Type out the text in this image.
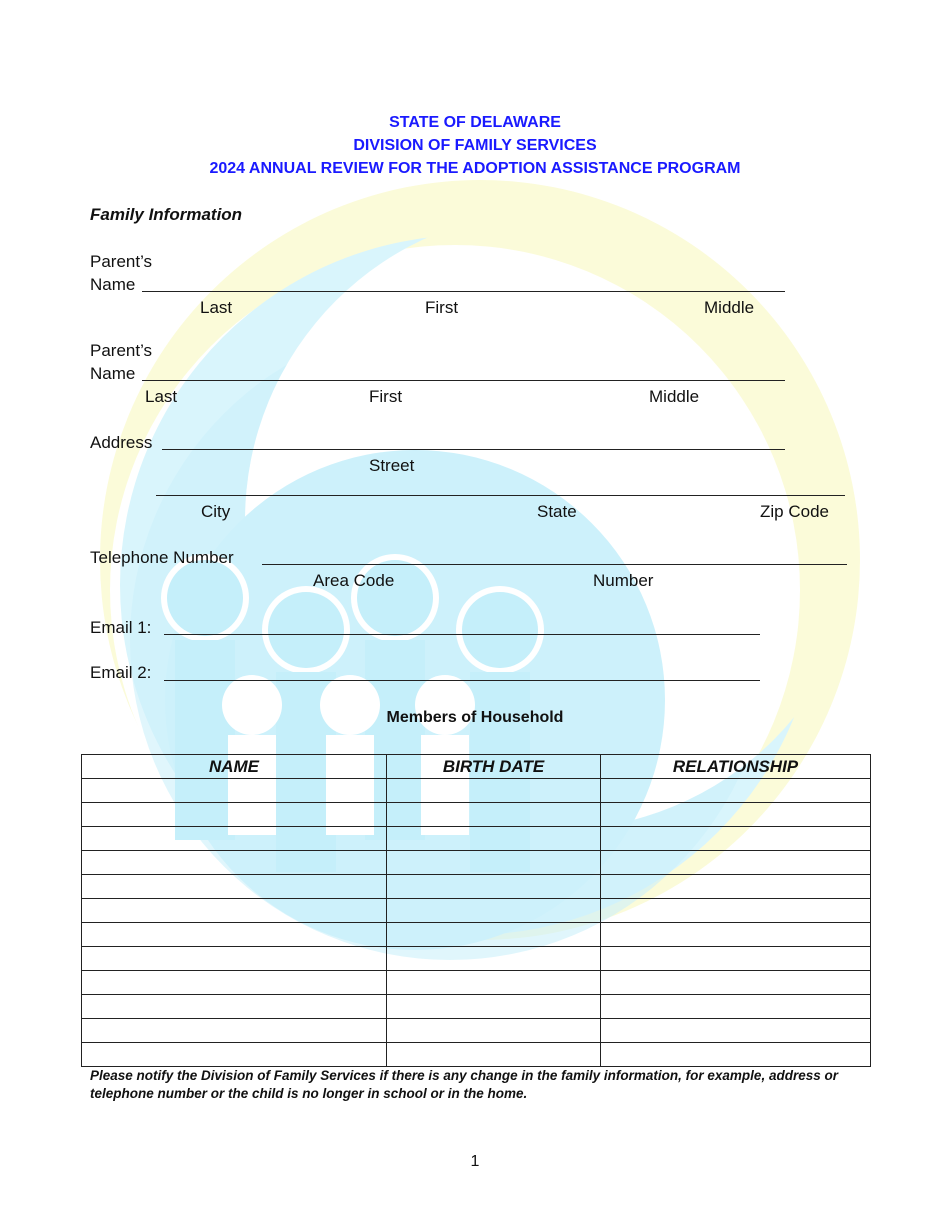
STATE OF DELAWARE
DIVISION OF FAMILY SERVICES
2024 ANNUAL REVIEW FOR THE ADOPTION ASSISTANCE PROGRAM
Family Information
Parent’s
Name
Last	First	Middle
Parent’s
Name
Last	First	Middle
Address
Street
City	State	Zip Code
Telephone Number
Area Code	Number
Email 1:
Email 2:
Members of Household
NAME	BIRTH DATE	RELATIONSHIP

Please notify the Division of Family Services if there is any change in the family information, for example, address or telephone number or the child is no longer in school or in the home.
1
